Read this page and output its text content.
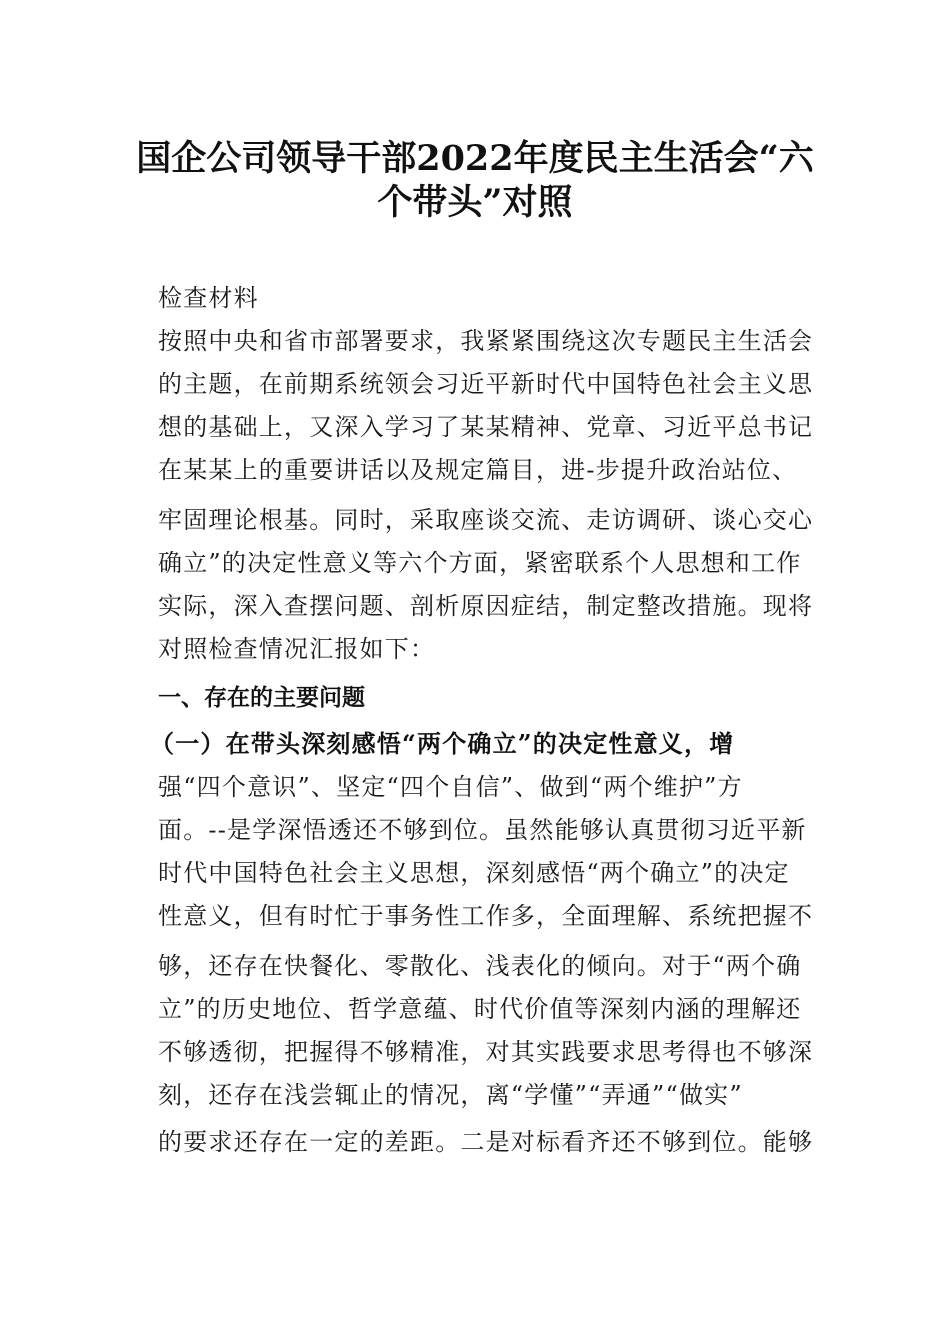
国企公司领导干部2022年度民主生活会“六
个带头”对照
检查材料
按照中央和省市部署要求，我紧紧围绕这次专题民主生活会
的主题，在前期系统领会习近平新时代中国特色社会主义思
想的基础上，又深入学习了某某精神、党章、习近平总书记
在某某上的重要讲话以及规定篇目，进-步提升政治站位、
牢固理论根基。同时，采取座谈交流、走访调研、谈心交心
确立”的决定性意义等六个方面，紧密联系个人思想和工作
实际，深入查摆问题、剖析原因症结，制定整改措施。现将
对照检查情况汇报如下：
一、存在的主要问题
（一）在带头深刻感悟“两个确立”的决定性意义，增
强“四个意识”、坚定“四个自信”、做到“两个维护”方
面。--是学深悟透还不够到位。虽然能够认真贯彻习近平新
时代中国特色社会主义思想，深刻感悟“两个确立”的决定
性意义，但有时忙于事务性工作多，全面理解、系统把握不
够，还存在快餐化、零散化、浅表化的倾向。对于“两个确
立”的历史地位、哲学意蕴、时代价值等深刻内涵的理解还
不够透彻，把握得不够精准，对其实践要求思考得也不够深
刻，还存在浅尝辄止的情况，离“学懂”“弄通”“做实”
的要求还存在一定的差距。二是对标看齐还不够到位。能够
